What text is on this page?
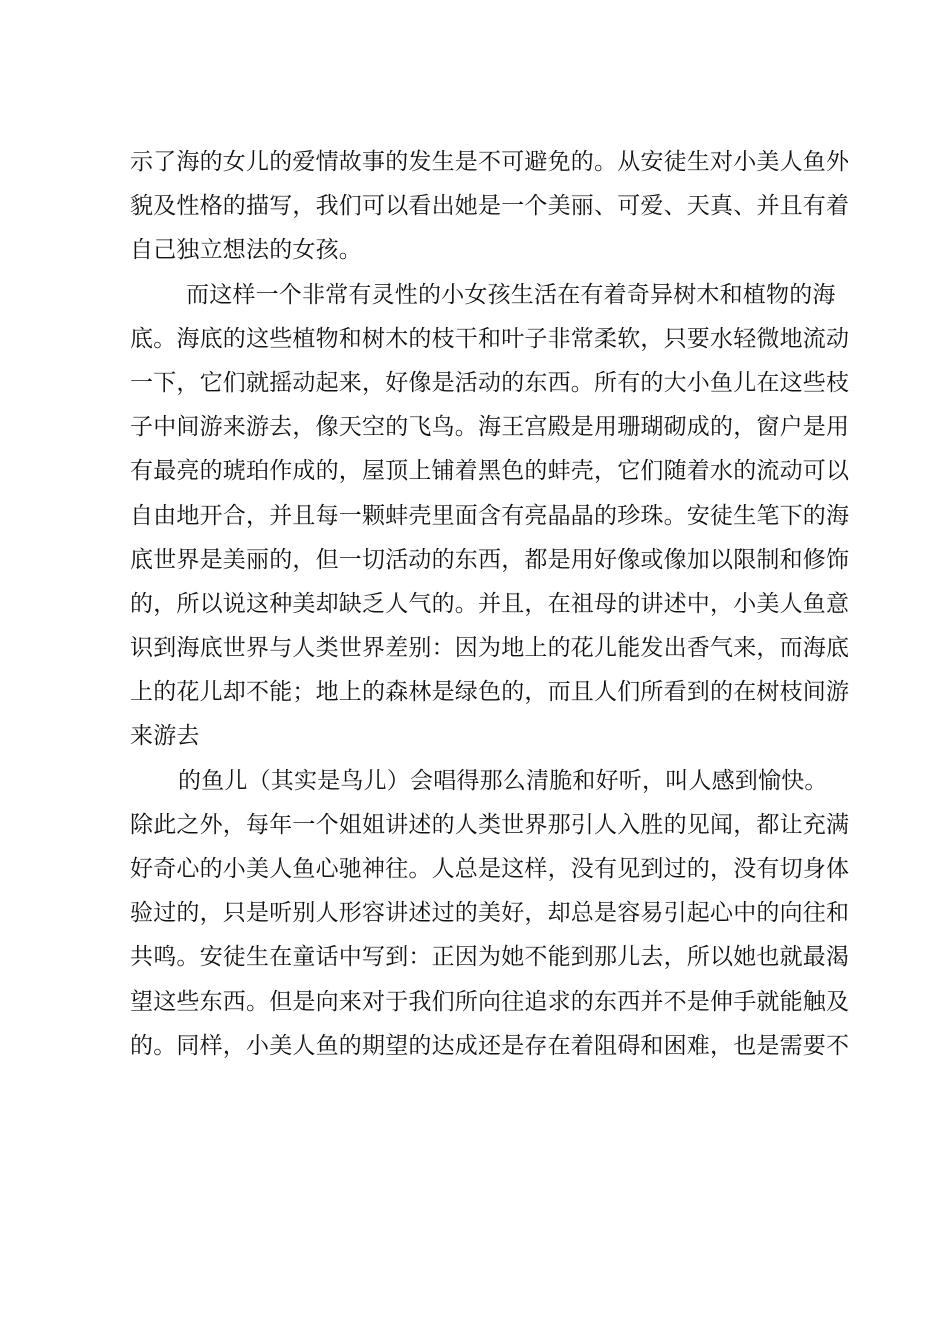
示了海的女儿的爱情故事的发生是不可避免的。从安徒生对小美人鱼外
貌及性格的描写，我们可以看出她是一个美丽、可爱、天真、并且有着
自己独立想法的女孩。
而这样一个非常有灵性的小女孩生活在有着奇异树木和植物的海
底。海底的这些植物和树木的枝干和叶子非常柔软，只要水轻微地流动
一下，它们就摇动起来，好像是活动的东西。所有的大小鱼儿在这些枝
子中间游来游去，像天空的飞鸟。海王宫殿是用珊瑚砌成的，窗户是用
有最亮的琥珀作成的，屋顶上铺着黑色的蚌壳，它们随着水的流动可以
自由地开合，并且每一颗蚌壳里面含有亮晶晶的珍珠。安徒生笔下的海
底世界是美丽的，但一切活动的东西，都是用好像或像加以限制和修饰
的，所以说这种美却缺乏人气的。并且，在祖母的讲述中，小美人鱼意
识到海底世界与人类世界差别：因为地上的花儿能发出香气来，而海底
上的花儿却不能；地上的森林是绿色的，而且人们所看到的在树枝间游
来游去
的鱼儿（其实是鸟儿）会唱得那么清脆和好听，叫人感到愉快。
除此之外，每年一个姐姐讲述的人类世界那引人入胜的见闻，都让充满
好奇心的小美人鱼心驰神往。人总是这样，没有见到过的，没有切身体
验过的，只是听别人形容讲述过的美好，却总是容易引起心中的向往和
共鸣。安徒生在童话中写到：正因为她不能到那儿去，所以她也就最渴
望这些东西。但是向来对于我们所向往追求的东西并不是伸手就能触及
的。同样，小美人鱼的期望的达成还是存在着阻碍和困难，也是需要不
